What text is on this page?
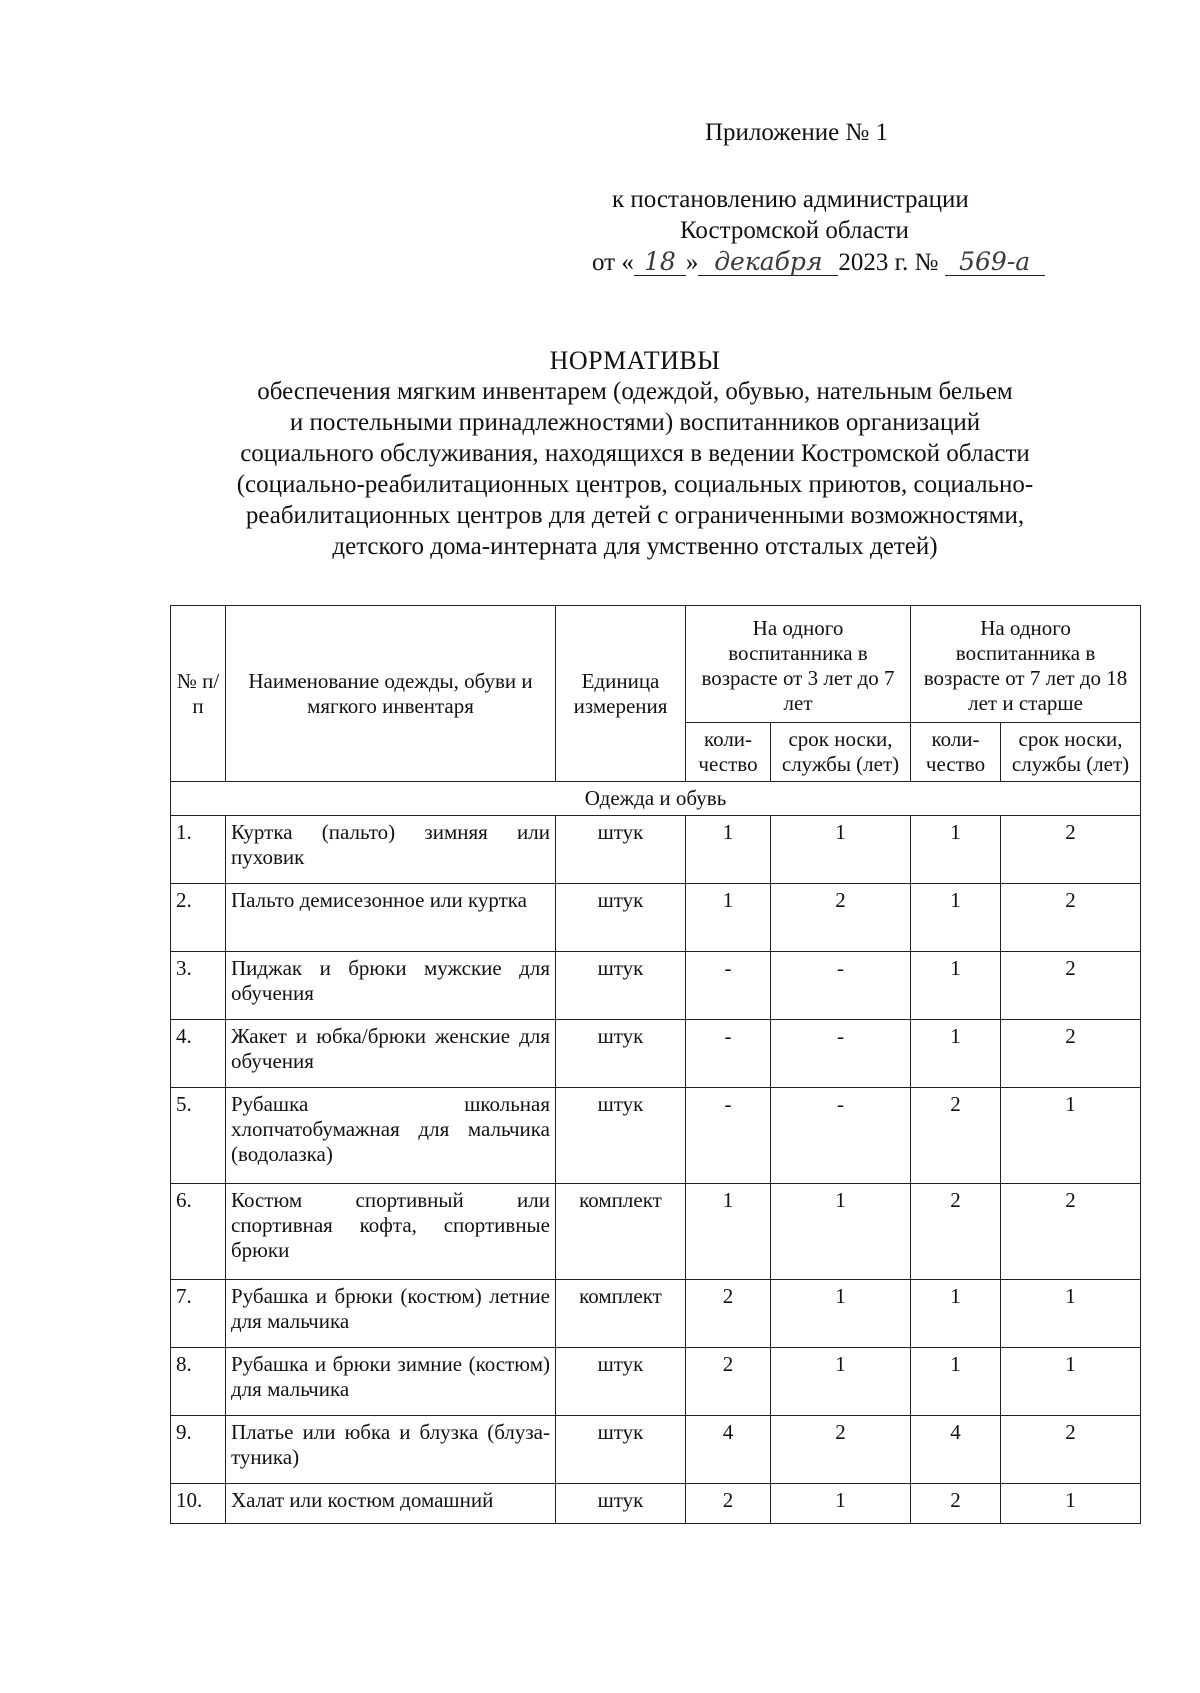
Приложение № 1
к постановлению администрации
Костромской области
от « 18 » декабря 2023 г. № 569-а
НОРМАТИВЫ
обеспечения мягким инвентарем (одеждой, обувью, нательным бельем
и постельными принадлежностями) воспитанников организаций
социального обслуживания, находящихся в ведении Костромской области
(социально-реабилитационных центров, социальных приютов, социально-
реабилитационных центров для детей с ограниченными возможностями,
детского дома-интерната для умственно отсталых детей)
№ п/п	Наименование одежды, обуви и мягкого инвентаря	Единица измерения	На одного воспитанника в возрасте от 3 лет до 7 лет		На одного воспитанника в возрасте от 7 лет до 18 лет и старше	
			коли-чество	срок носки, службы (лет)	коли-чество	срок носки, службы (лет)
Одежда и обувь						
1.	Куртка (пальто) зимняя или пуховик	штук	1	1	1	2
2.	Пальто демисезонное или куртка	штук	1	2	1	2
3.	Пиджак и брюки мужские для обучения	штук	-	-	1	2
4.	Жакет и юбка/брюки женские для обучения	штук	-	-	1	2
5.	Рубашка школьная хлопчатобумажная для мальчика (водолазка)	штук	-	-	2	1
6.	Костюм спортивный или спортивная кофта, спортивные брюки	комплект	1	1	2	2
7.	Рубашка и брюки (костюм) летние для мальчика	комплект	2	1	1	1
8.	Рубашка и брюки зимние (костюм) для мальчика	штук	2	1	1	1
9.	Платье или юбка и блузка (блуза-туника)	штук	4	2	4	2
10.	Халат или костюм домашний	штук	2	1	2	1
